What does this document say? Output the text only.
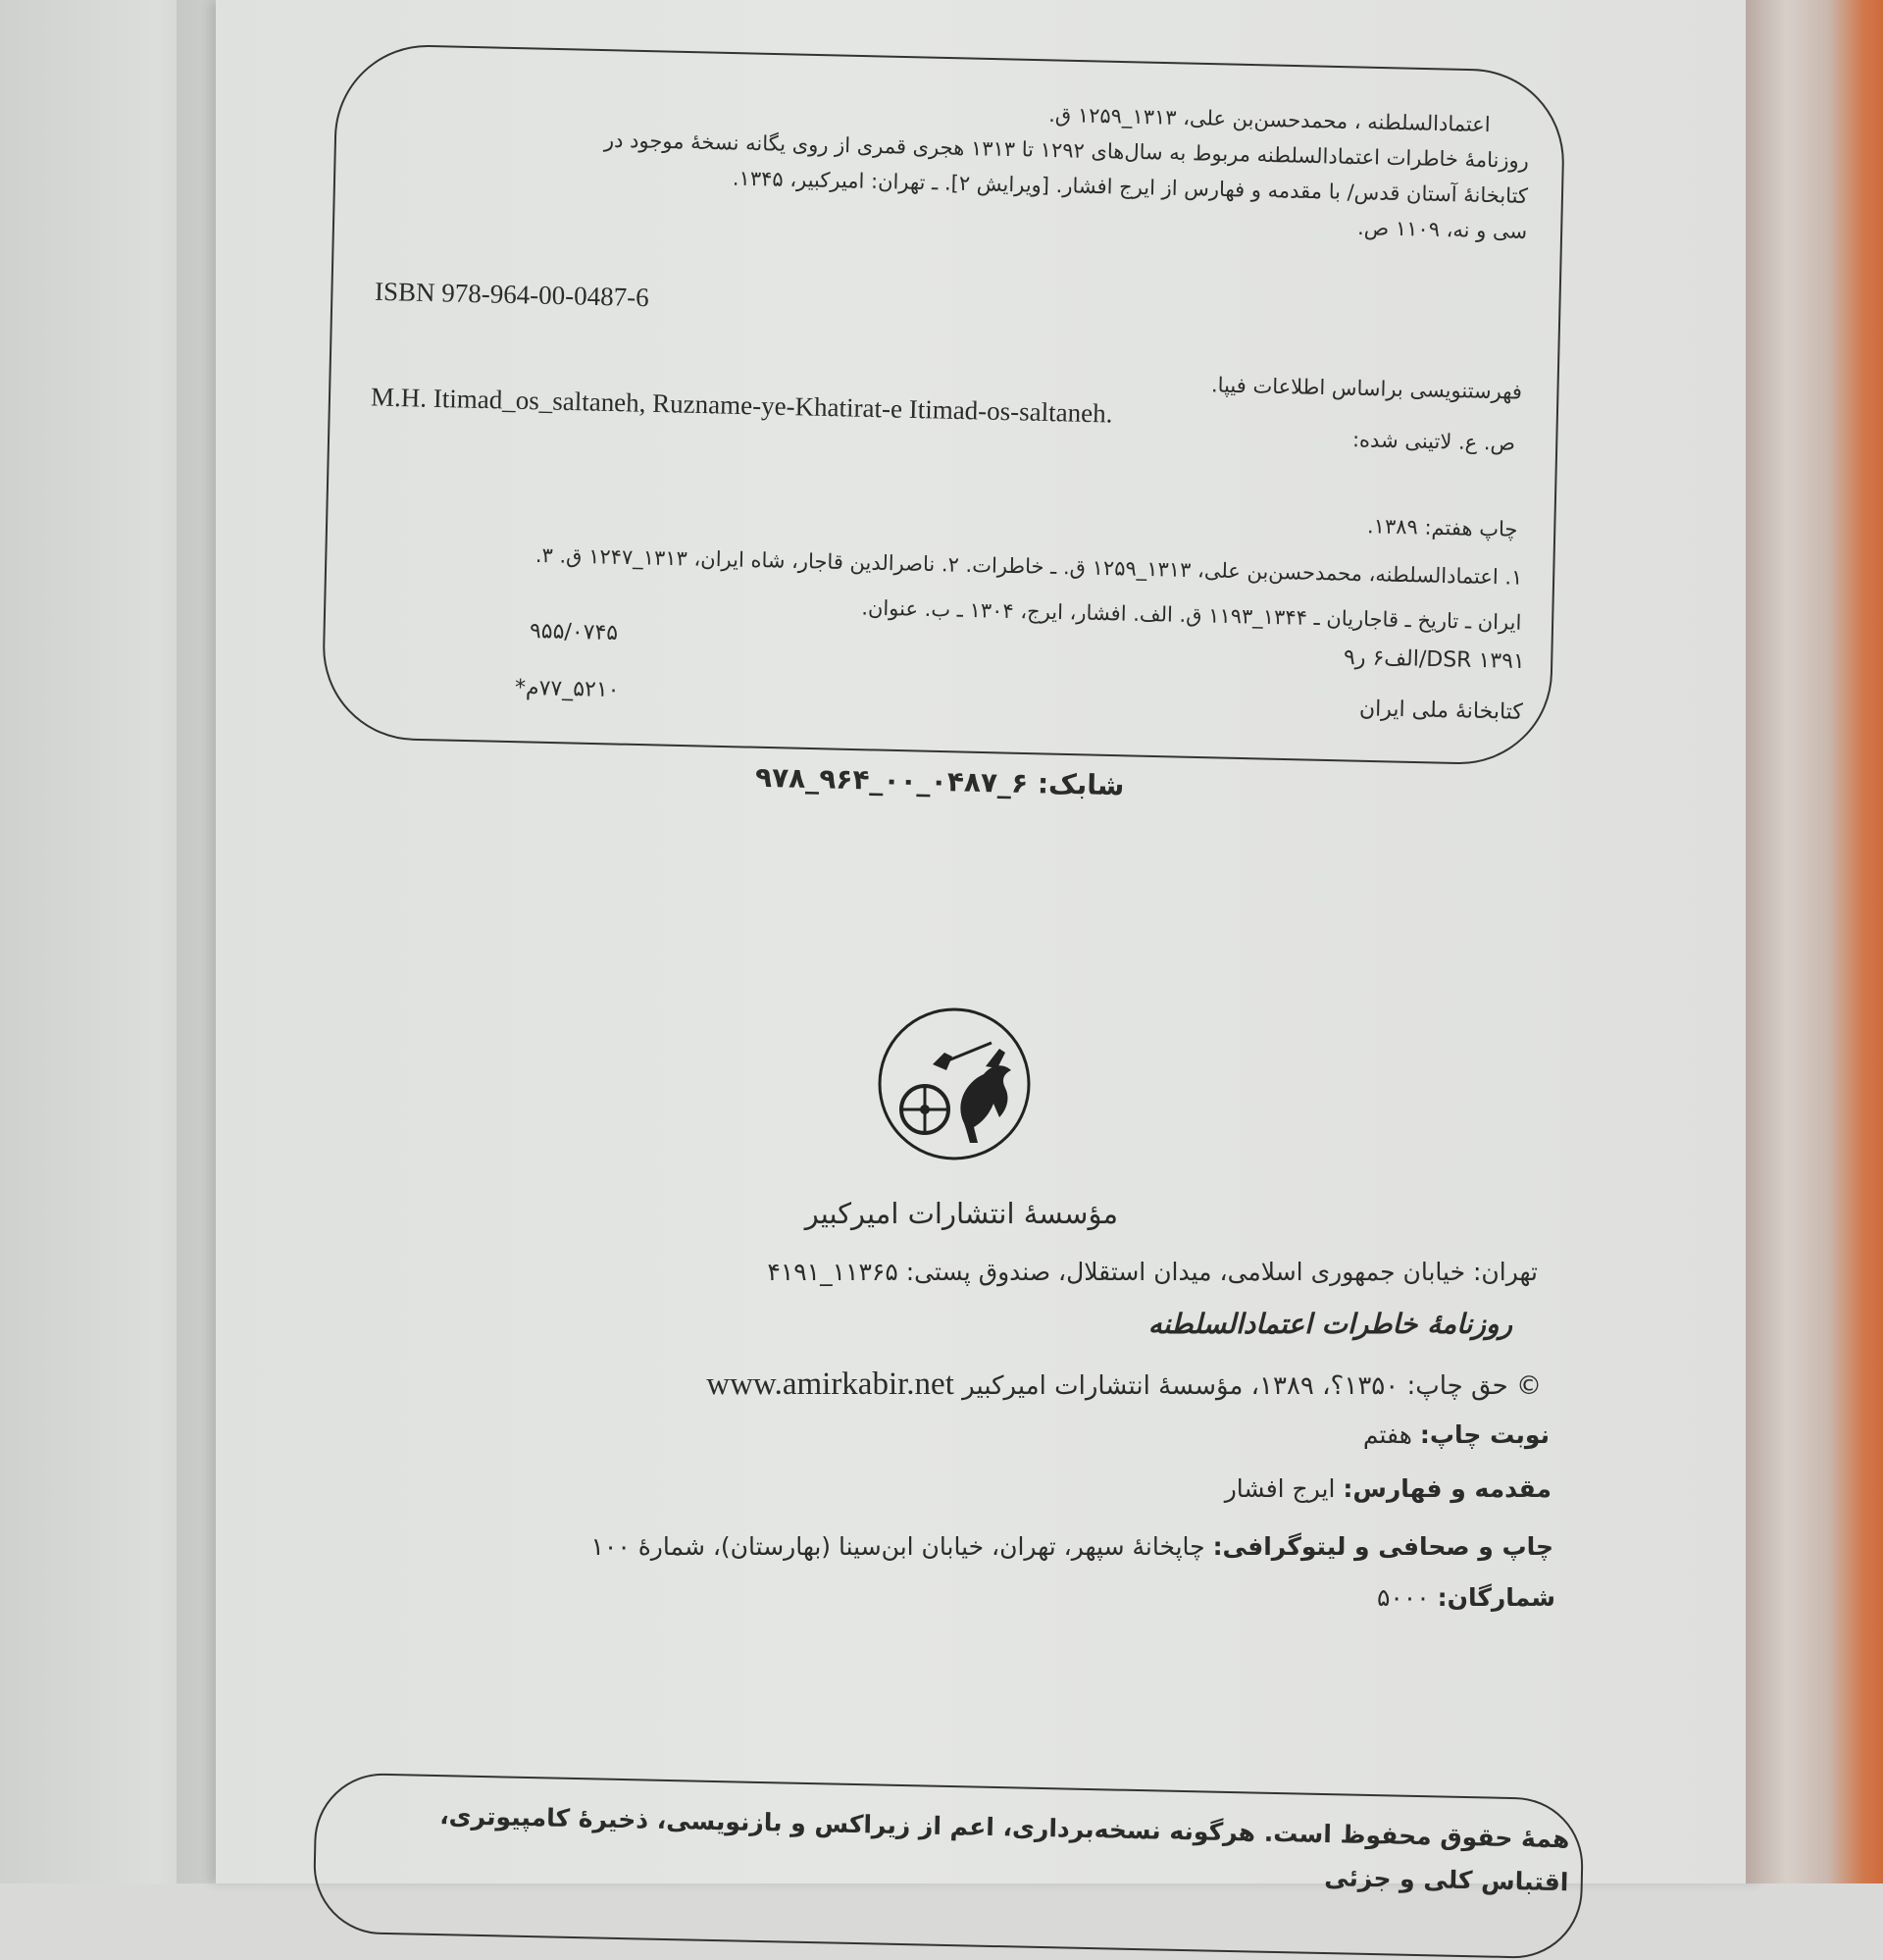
اعتمادالسلطنه ، محمدحسن‌بن علی، ۱۳۱۳_۱۲۵۹ ق.
روزنامهٔ خاطرات اعتمادالسلطنه مربوط به سال‌های ۱۲۹۲ تا ۱۳۱۳ هجری قمری از روی یگانه نسخهٔ موجود در
کتابخانهٔ آستان قدس/ با مقدمه و فهارس از ایرج افشار. [ویرایش ۲]. ـ تهران: امیرکبیر، ۱۳۴۵.
سی و نه، ۱۱۰۹ ص.
ISBN 978-964-00-0487-6
فهرستنویسی براساس اطلاعات فیپا.
M.H. Itimad_os_saltaneh, Ruzname-ye-Khatirat-e Itimad-os-saltaneh.
ص. ع. لاتینی شده:
چاپ هفتم: ۱۳۸۹.
۱. اعتمادالسلطنه، محمدحسن‌بن علی، ۱۳۱۳_۱۲۵۹ ق. ـ خاطرات. ۲. ناصرالدین قاجار، شاه ایران، ۱۳۱۳_۱۲۴۷ ق. ۳.
ایران ـ تاریخ ـ قاجاریان ـ ۱۳۴۴_۱۱۹۳ ق. الف. افشار، ایرج، ۱۳۰۴ ـ ب. عنوان.
۹۵۵/۰۷۴۵
DSR ۱۳۹۱/الف۶ ر۹
۵۲۱۰_۷۷م*
کتابخانهٔ ملی ایران
شابک: ۶_۰۴۸۷_۰۰_۹۶۴_۹۷۸
مؤسسهٔ انتشارات امیرکبیر
تهران: خیابان جمهوری اسلامی، میدان استقلال، صندوق پستی: ۱۱۳۶۵_۴۱۹۱
روزنامهٔ خاطرات اعتمادالسلطنه
© حق چاپ: ۱۳۵۰؟، ۱۳۸۹، مؤسسهٔ انتشارات امیرکبیر www.amirkabir.net
نوبت چاپ: هفتم
مقدمه و فهارس: ایرج افشار
چاپ و صحافی و لیتوگرافی: چاپخانهٔ سپهر، تهران، خیابان ابن‌سینا (بهارستان)، شمارهٔ ۱۰۰
شمارگان: ۵۰۰۰
همهٔ حقوق محفوظ است. هرگونه نسخه‌برداری، اعم از زیراکس و بازنویسی، ذخیرهٔ کامپیوتری،
اقتباس کلی و جزئی
